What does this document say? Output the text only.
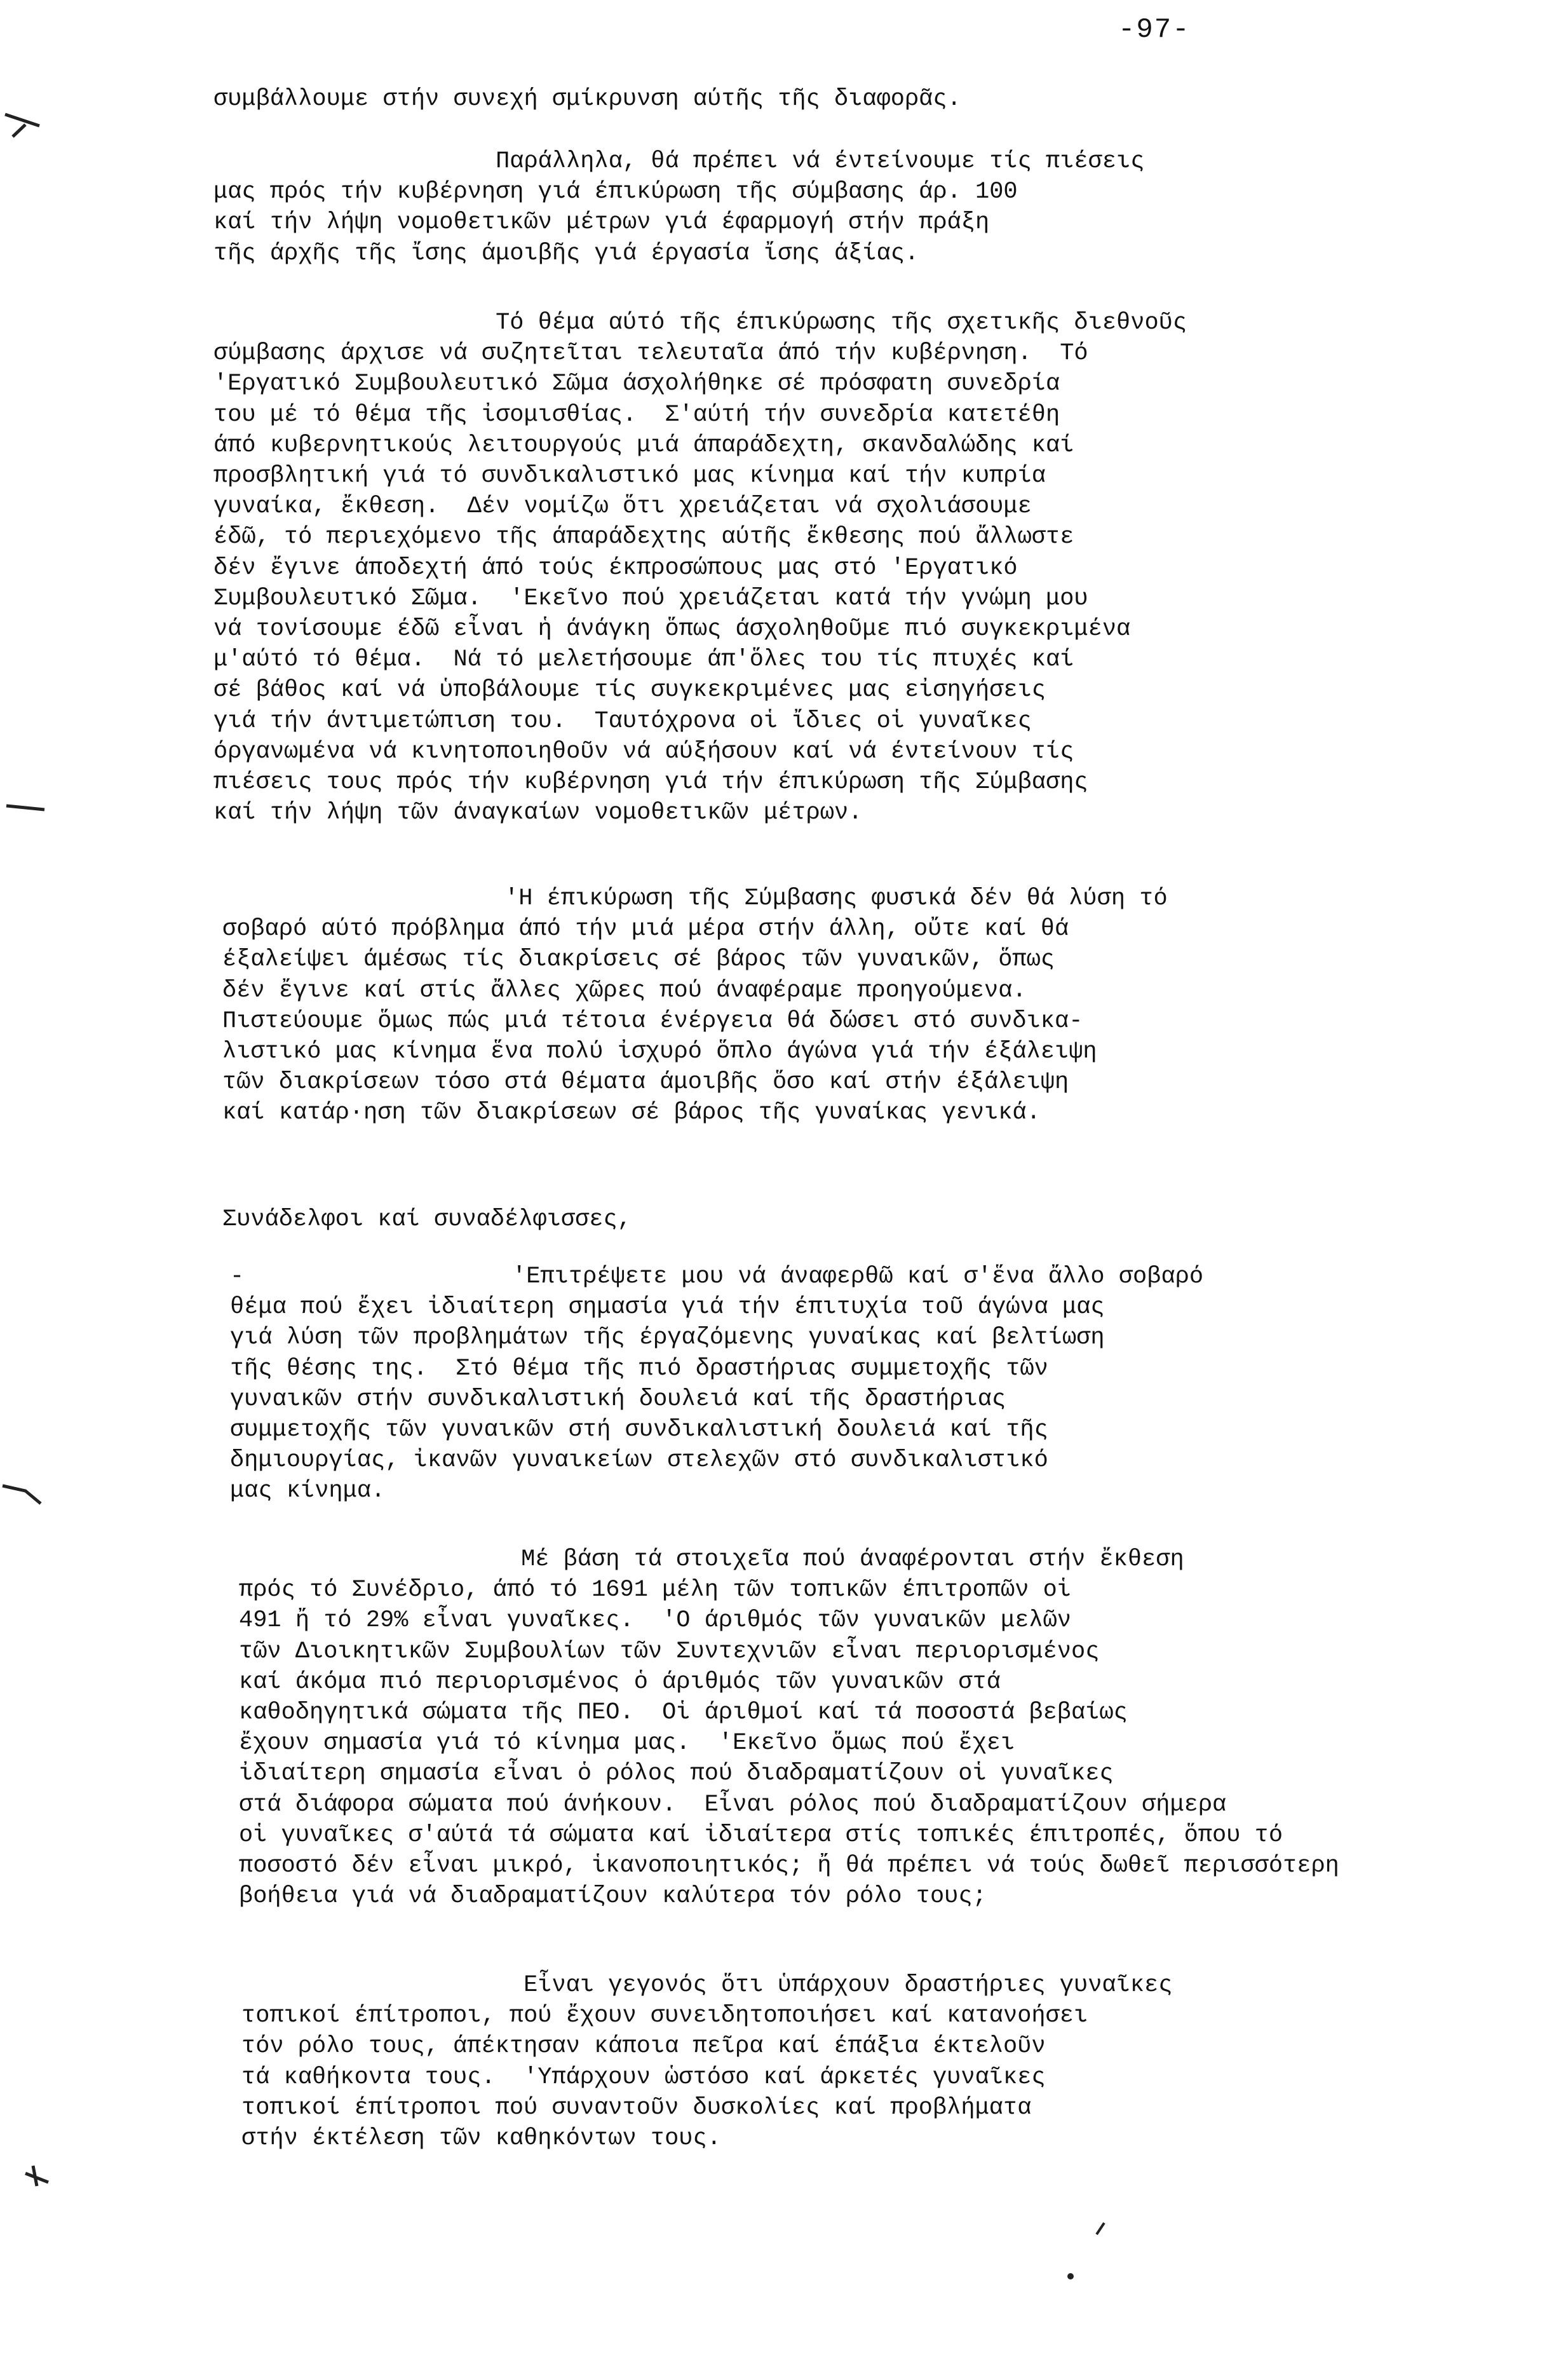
-97-

συμβάλλουμε στήν συνεχή σμίκρυνση αύτῆς τῆς διαφορᾶς.

Παράλληλα, θά πρέπει νά έντείνουμε τίς πιέσεις
μας πρός τήν κυβέρνηση γιά έπικύρωση τῆς σύμβασης άρ. 100
καί τήν λήψη νομοθετικῶν μέτρων γιά έφαρμογή στήν πράξη
τῆς άρχῆς τῆς ἴσης άμοιβῆς γιά έργασία ἴσης άξίας.

Τό θέμα αύτό τῆς έπικύρωσης τῆς σχετικῆς διεθνοῦς
σύμβασης άρχισε νά συζητεῖται τελευταῖα άπό τήν κυβέρνηση.  Τό
'Εργατικό Συμβουλευτικό Σῶμα άσχολήθηκε σέ πρόσφατη συνεδρία
του μέ τό θέμα τῆς ἰσομισθίας.  Σ'αύτή τήν συνεδρία κατετέθη
άπό κυβερνητικούς λειτουργούς μιά άπαράδεχτη, σκανδαλώδης καί
προσβλητική γιά τό συνδικαλιστικό μας κίνημα καί τήν κυπρία
γυναίκα, ἔκθεση.  Δέν νομίζω ὅτι χρειάζεται νά σχολιάσουμε
έδῶ, τό περιεχόμενο τῆς άπαράδεχτης αύτῆς ἔκθεσης πού ἄλλωστε
δέν ἔγινε άποδεχτή άπό τούς έκπροσώπους μας στό 'Εργατικό
Συμβουλευτικό Σῶμα.  'Εκεῖνο πού χρειάζεται κατά τήν γνώμη μου
νά τονίσουμε έδῶ εἶναι ἡ άνάγκη ὅπως άσχοληθοῦμε πιό συγκεκριμένα
μ'αύτό τό θέμα.  Νά τό μελετήσουμε άπ'ὅλες του τίς πτυχές καί
σέ βάθος καί νά ὑποβάλουμε τίς συγκεκριμένες μας εἰσηγήσεις
γιά τήν άντιμετώπιση του.  Ταυτόχρονα οἱ ἴδιες οἱ γυναῖκες
όργανωμένα νά κινητοποιηθοῦν νά αύξήσουν καί νά έντείνουν τίς
πιέσεις τους πρός τήν κυβέρνηση γιά τήν έπικύρωση τῆς Σύμβασης
καί τήν λήψη τῶν άναγκαίων νομοθετικῶν μέτρων.

'Η έπικύρωση τῆς Σύμβασης φυσικά δέν θά λύση τό
σοβαρό αύτό πρόβλημα άπό τήν μιά μέρα στήν άλλη, οὔτε καί θά
έξαλείψει άμέσως τίς διακρίσεις σέ βάρος τῶν γυναικῶν, ὅπως
δέν ἔγινε καί στίς ἄλλες χῶρες πού άναφέραμε προηγούμενα.
Πιστεύουμε ὅμως πώς μιά τέτοια ένέργεια θά δώσει στό συνδικα-
λιστικό μας κίνημα ἕνα πολύ ἰσχυρό ὅπλο άγώνα γιά τήν έξάλειψη
τῶν διακρίσεων τόσο στά θέματα άμοιβῆς ὅσο καί στήν έξάλειψη
καί κατάρ·ηση τῶν διακρίσεων σέ βάρος τῆς γυναίκας γενικά.

Συνάδελφοι καί συναδέλφισσες,

-                   'Επιτρέψετε μου νά άναφερθῶ καί σ'ἕνα ἄλλο σοβαρό
θέμα πού ἔχει ἰδιαίτερη σημασία γιά τήν έπιτυχία τοῦ άγώνα μας
γιά λύση τῶν προβλημάτων τῆς έργαζόμενης γυναίκας καί βελτίωση
τῆς θέσης της.  Στό θέμα τῆς πιό δραστήριας συμμετοχῆς τῶν
γυναικῶν στήν συνδικαλιστική δουλειά καί τῆς δραστήριας
συμμετοχῆς τῶν γυναικῶν στή συνδικαλιστική δουλειά καί τῆς
δημιουργίας, ἰκανῶν γυναικείων στελεχῶν στό συνδικαλιστικό
μας κίνημα.

Μέ βάση τά στοιχεῖα πού άναφέρονται στήν ἔκθεση
πρός τό Συνέδριο, άπό τό 1691 μέλη τῶν τοπικῶν έπιτροπῶν οἱ
491 ἤ τό 29% εἶναι γυναῖκες.  'Ο άριθμός τῶν γυναικῶν μελῶν
τῶν Διοικητικῶν Συμβουλίων τῶν Συντεχνιῶν εἶναι περιορισμένος
καί άκόμα πιό περιορισμένος ὁ άριθμός τῶν γυναικῶν στά
καθοδηγητικά σώματα τῆς ΠΕΟ.  Οἱ άριθμοί καί τά ποσοστά βεβαίως
ἔχουν σημασία γιά τό κίνημα μας.  'Εκεῖνο ὅμως πού ἔχει
ἰδιαίτερη σημασία εἶναι ὁ ρόλος πού διαδραματίζουν οἱ γυναῖκες
στά διάφορα σώματα πού άνήκουν.  Εἶναι ρόλος πού διαδραματίζουν σήμερα
οἱ γυναῖκες σ'αύτά τά σώματα καί ἰδιαίτερα στίς τοπικές έπιτροπές, ὅπου τό
ποσοστό δέν εἶναι μικρό, ἱκανοποιητικός; ἤ θά πρέπει νά τούς δωθεῖ περισσότερη
βοήθεια γιά νά διαδραματίζουν καλύτερα τόν ρόλο τους;

Εἶναι γεγονός ὅτι ὑπάρχουν δραστήριες γυναῖκες
τοπικοί έπίτροποι, πού ἔχουν συνειδητοποιήσει καί κατανοήσει
τόν ρόλο τους, άπέκτησαν κάποια πεῖρα καί έπάξια έκτελοῦν
τά καθήκοντα τους.  'Υπάρχουν ὡστόσο καί άρκετές γυναῖκες
τοπικοί έπίτροποι πού συναντοῦν δυσκολίες καί προβλήματα
στήν έκτέλεση τῶν καθηκόντων τους.
